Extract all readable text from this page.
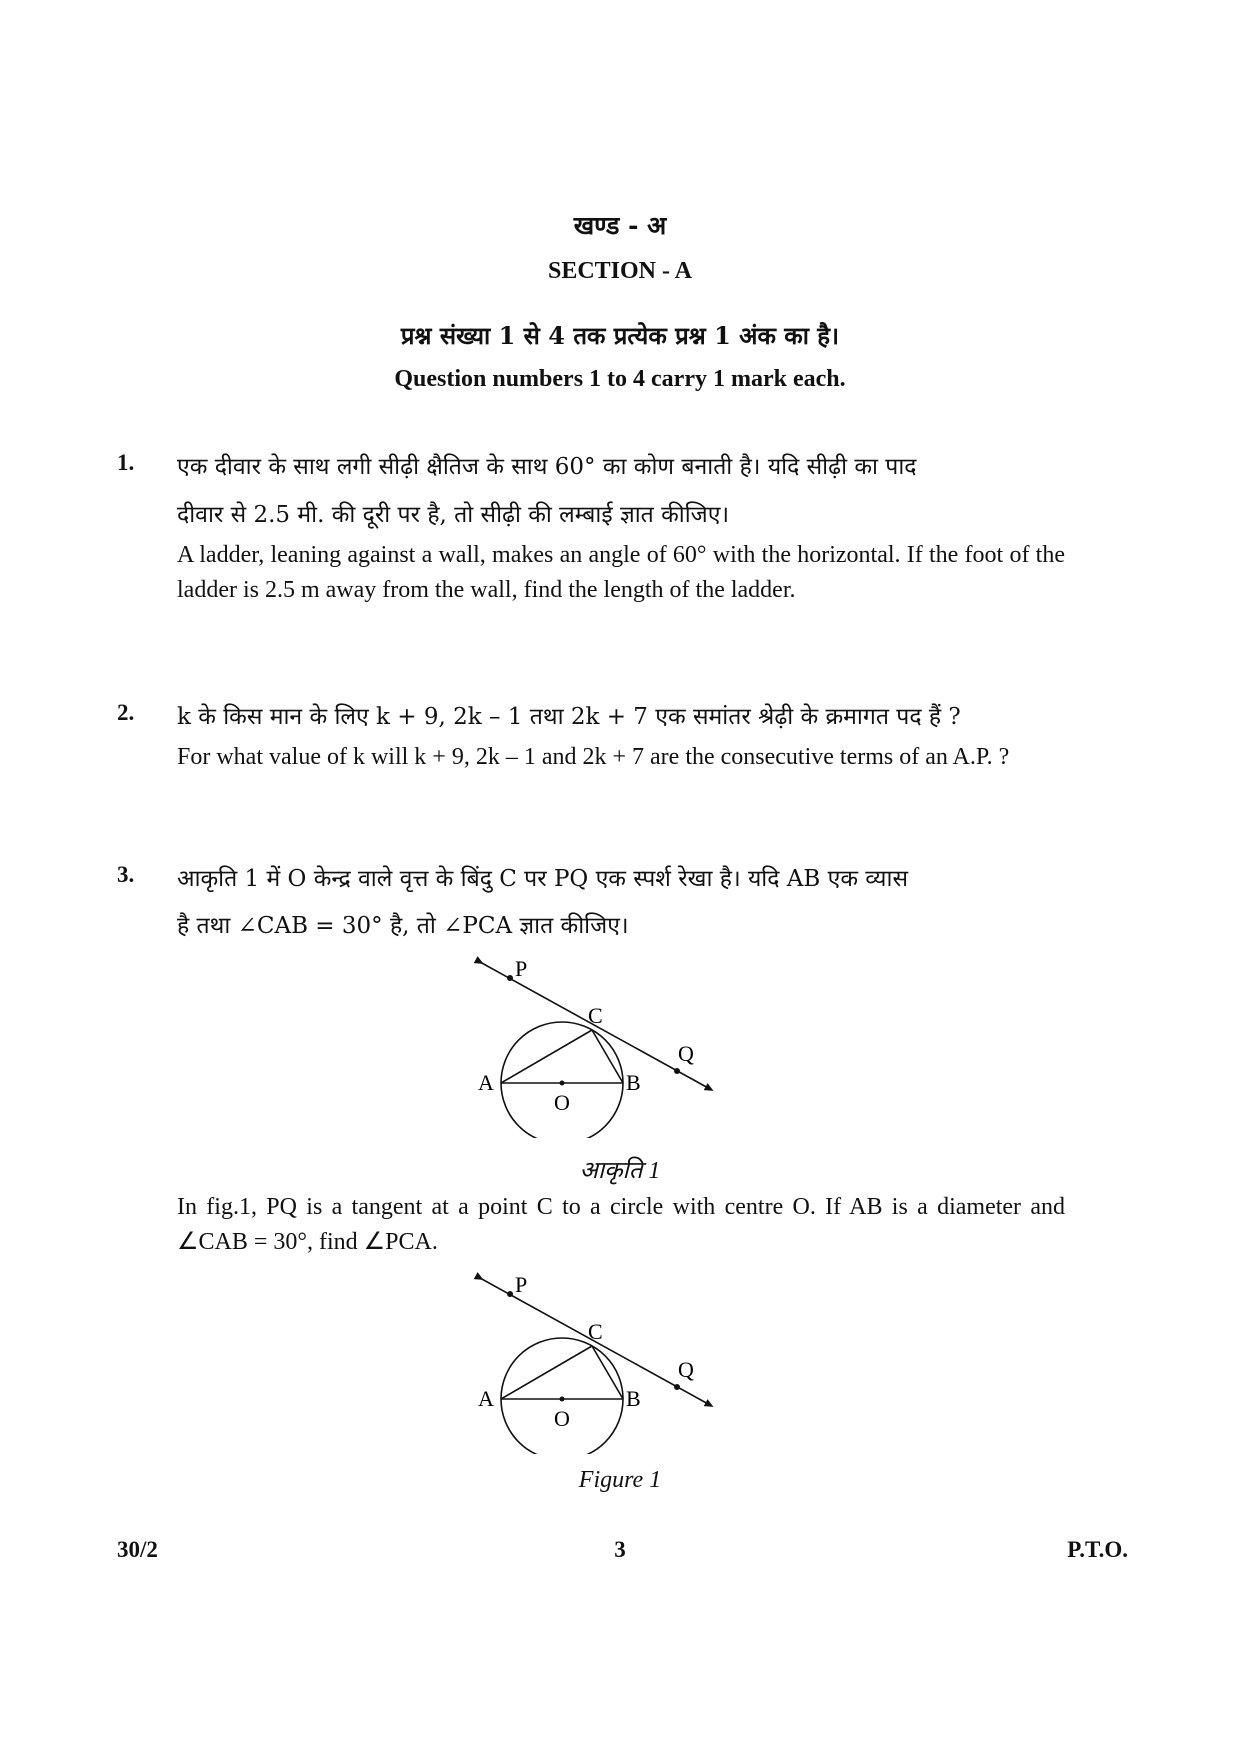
खण्ड - अ
SECTION - A
प्रश्न संख्या 1 से 4 तक प्रत्येक प्रश्न 1 अंक का है।
Question numbers 1 to 4 carry 1 mark each.
1. एक दीवार के साथ लगी सीढ़ी क्षैतिज के साथ 60° का कोण बनाती है। यदि सीढ़ी का पाद
दीवार से 2.5 मी. की दूरी पर है, तो सीढ़ी की लम्बाई ज्ञात कीजिए।

A ladder, leaning against a wall, makes an angle of 60° with the horizontal. If the foot of the ladder is 2.5 m away from the wall, find the length of the ladder.

2. k के किस मान के लिए k + 9, 2k – 1 तथा 2k + 7 एक समांतर श्रेढ़ी के क्रमागत पद हैं ?

For what value of k will k + 9, 2k – 1 and 2k + 7 are the consecutive terms of an A.P. ?

3. आकृति 1 में O केन्द्र वाले वृत्त के बिंदु C पर PQ एक स्पर्श रेखा है। यदि AB एक व्यास
है तथा ∠CAB = 30° है, तो ∠PCA ज्ञात कीजिए।
P
C
Q
A
O
B
आकृति 1

In fig.1, PQ is a tangent at a point C to a circle with centre O. If AB is a diameter and ∠CAB = 30°, find ∠PCA.

P
C
Q
A
O
B
Figure 1
30/2	3	P.T.O.
